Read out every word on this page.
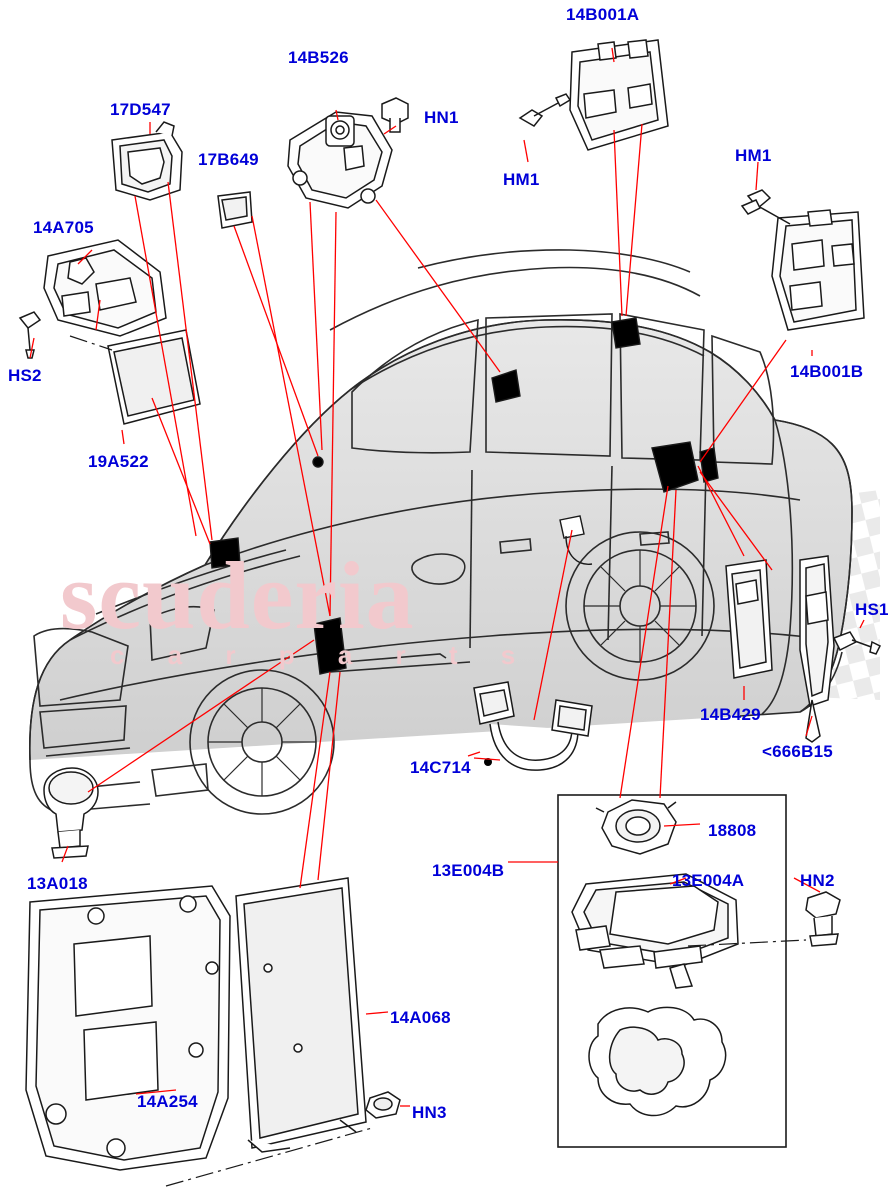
scuderia
c a r p a r t s
14B001A
14B526
HN1
17D547
17B649
HM1
HM1
14A705
HS2	14B001B
19A522
HS1
14B429
<666B15
14C714
13A018
18808
13E004B
13E004A	HN2
14A068
14A254
HN3
